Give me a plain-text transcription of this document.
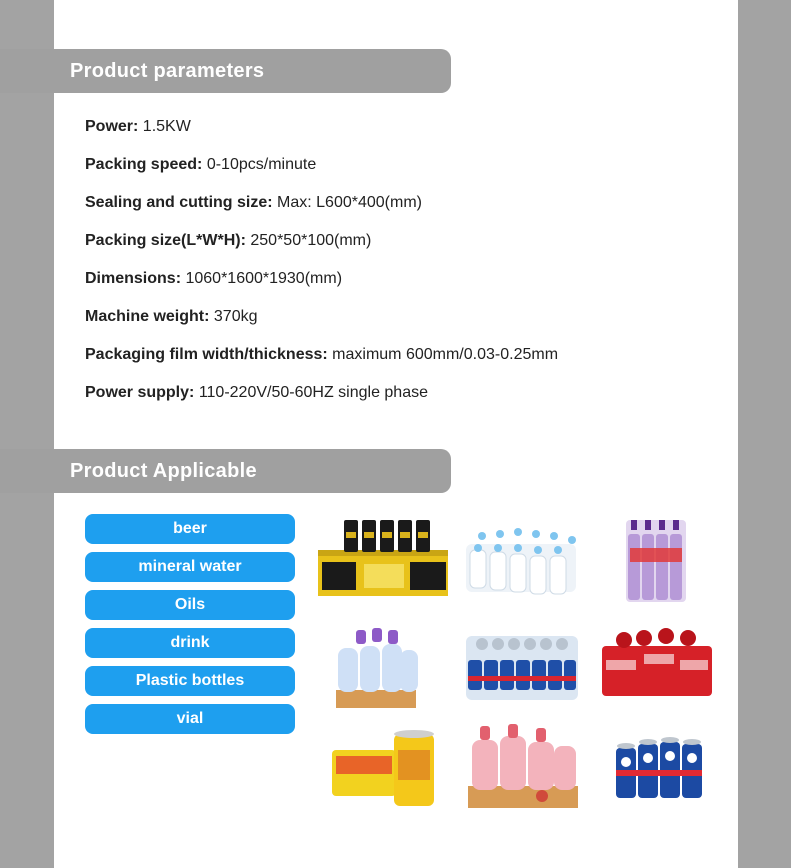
Product parameters
Power: 1.5KW
Packing speed: 0-10pcs/minute
Sealing and cutting size: Max: L600*400(mm)
Packing size(L*W*H): 250*50*100(mm)
Dimensions: 1060*1600*1930(mm)
Machine weight: 370kg
Packaging film width/thickness: maximum 600mm/0.03-0.25mm
Power supply: 110-220V/50-60HZ single phase
Product Applicable
beer
mineral water
Oils
drink
Plastic bottles
vial
